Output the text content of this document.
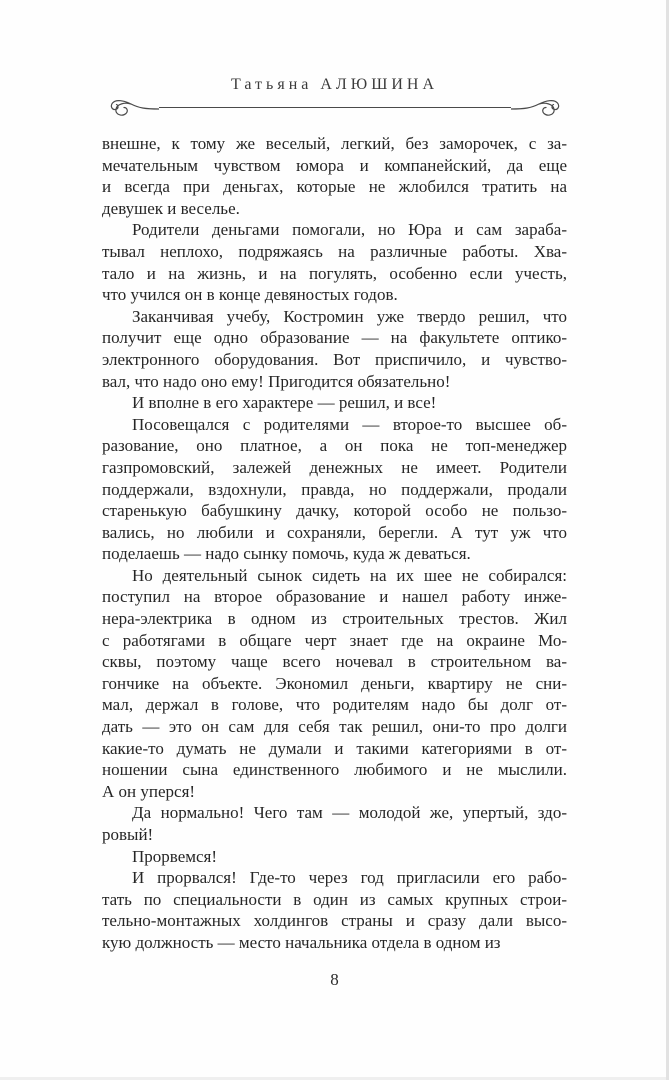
Татьяна АЛЮШИНА
внешне, к тому же веселый, легкий, без заморочек, с за-
мечательным чувством юмора и компанейский, да еще
и всегда при деньгах, которые не жлобился тратить на
девушек и веселье.
Родители деньгами помогали, но Юра и сам зараба-
тывал неплохо, подряжаясь на различные работы. Хва-
тало и на жизнь, и на погулять, особенно если учесть,
что учился он в конце девяностых годов.
Заканчивая учебу, Костромин уже твердо решил, что
получит еще одно образование — на факультете оптико-
электронного оборудования. Вот приспичило, и чувство-
вал, что надо оно ему! Пригодится обязательно!
И вполне в его характере — решил, и все!
Посовещался с родителями — второе-то высшее об-
разование, оно платное, а он пока не топ-менеджер
газпромовский, залежей денежных не имеет. Родители
поддержали, вздохнули, правда, но поддержали, продали
старенькую бабушкину дачку, которой особо не пользо-
вались, но любили и сохраняли, берегли. А тут уж что
поделаешь — надо сынку помочь, куда ж деваться.
Но деятельный сынок сидеть на их шее не собирался:
поступил на второе образование и нашел работу инже-
нера-электрика в одном из строительных трестов. Жил
с работягами в общаге черт знает где на окраине Мо-
сквы, поэтому чаще всего ночевал в строительном ва-
гончике на объекте. Экономил деньги, квартиру не сни-
мал, держал в голове, что родителям надо бы долг от-
дать — это он сам для себя так решил, они-то про долги
какие-то думать не думали и такими категориями в от-
ношении сына единственного любимого и не мыслили.
А он уперся!
Да нормально! Чего там — молодой же, упертый, здо-
ровый!
Прорвемся!
И прорвался! Где-то через год пригласили его рабо-
тать по специальности в один из самых крупных строи-
тельно-монтажных холдингов страны и сразу дали высо-
кую должность — место начальника отдела в одном из
8
